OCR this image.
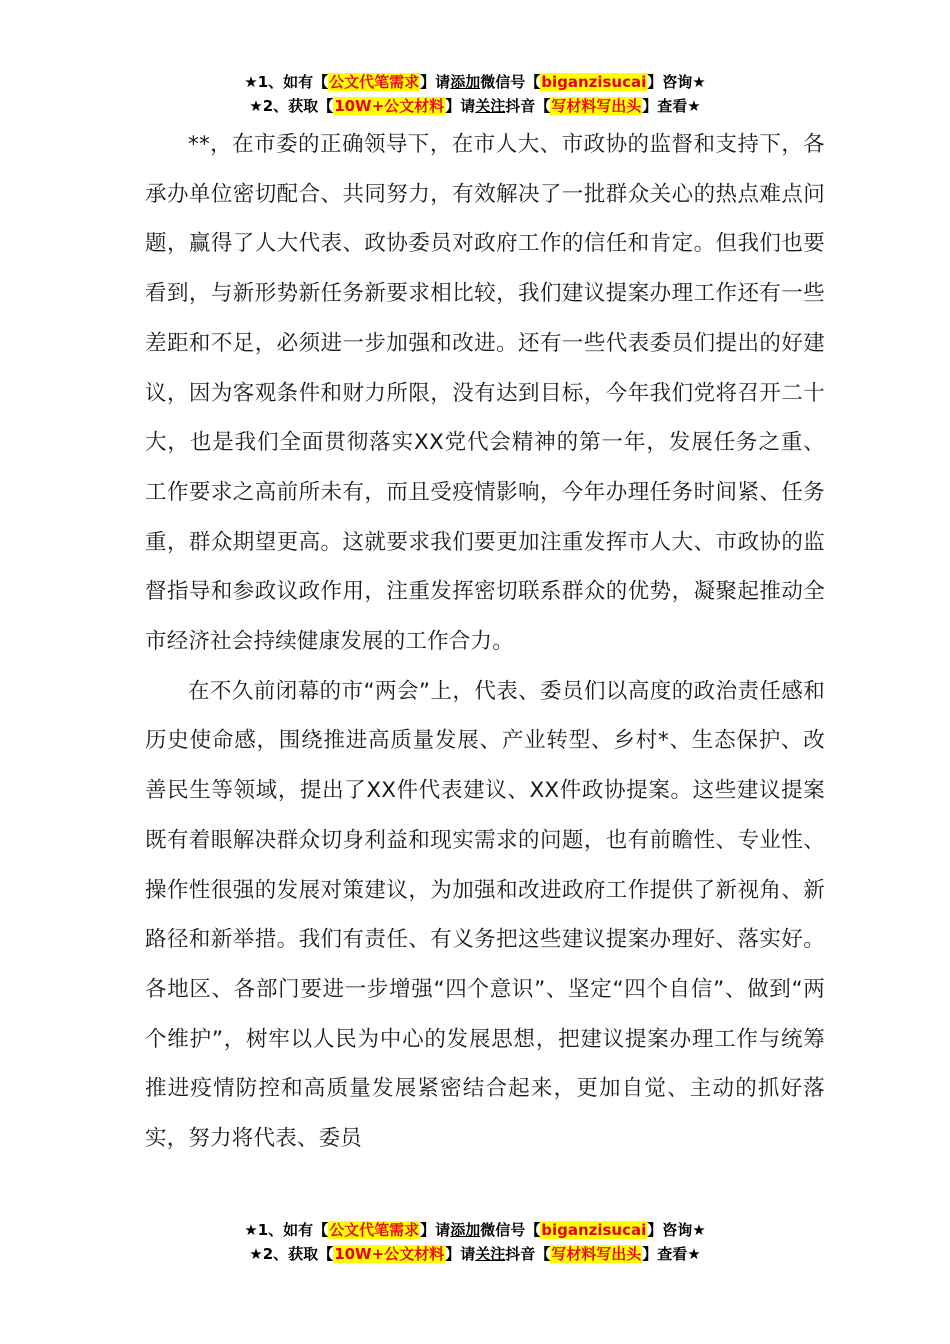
★1、如有【公文代笔需求】请添加微信号【biganzisucai】咨询★
★2、获取【10W+公文材料】请关注抖音【写材料写出头】查看★

**，在市委的正确领导下，在市人大、市政协的监督和支持下，各承办单位密切配合、共同努力，有效解决了一批群众关心的热点难点问题，赢得了人大代表、政协委员对政府工作的信任和肯定。但我们也要看到，与新形势新任务新要求相比较，我们建议提案办理工作还有一些差距和不足，必须进一步加强和改进。还有一些代表委员们提出的好建议，因为客观条件和财力所限，没有达到目标，今年我们党将召开二十大，也是我们全面贯彻落实XX党代会精神的第一年，发展任务之重、工作要求之高前所未有，而且受疫情影响，今年办理任务时间紧、任务重，群众期望更高。这就要求我们要更加注重发挥市人大、市政协的监督指导和参政议政作用，注重发挥密切联系群众的优势，凝聚起推动全市经济社会持续健康发展的工作合力。

在不久前闭幕的市“两会”上，代表、委员们以高度的政治责任感和历史使命感，围绕推进高质量发展、产业转型、乡村*、生态保护、改善民生等领域，提出了XX件代表建议、XX件政协提案。这些建议提案既有着眼解决群众切身利益和现实需求的问题，也有前瞻性、专业性、操作性很强的发展对策建议，为加强和改进政府工作提供了新视角、新路径和新举措。我们有责任、有义务把这些建议提案办理好、落实好。各地区、各部门要进一步增强“四个意识”、坚定“四个自信”、做到“两个维护”，树牢以人民为中心的发展思想，把建议提案办理工作与统筹推进疫情防控和高质量发展紧密结合起来，更加自觉、主动的抓好落实，努力将代表、委员

★1、如有【公文代笔需求】请添加微信号【biganzisucai】咨询★
★2、获取【10W+公文材料】请关注抖音【写材料写出头】查看★
